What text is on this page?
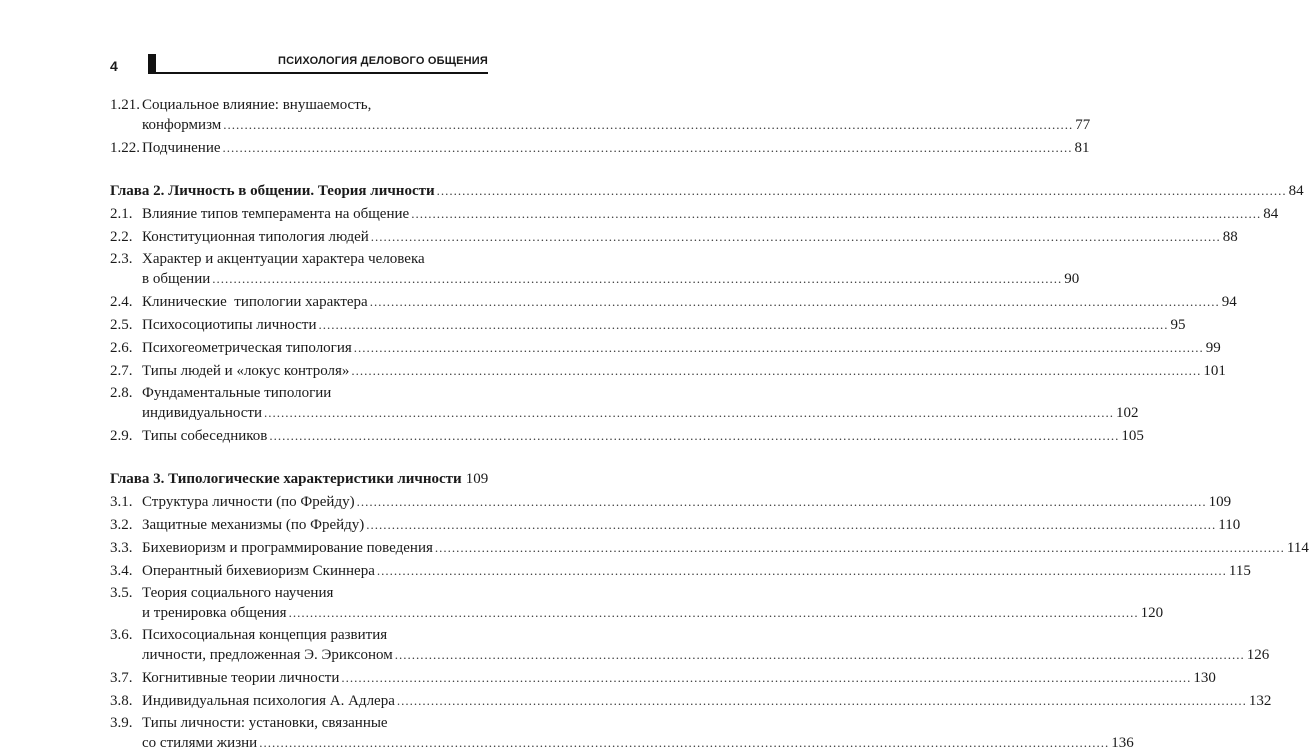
4	ПСИХОЛОГИЯ ДЕЛОВОГО ОБЩЕНИЯ
1.21. Социальное влияние: внушаемость,
конформизм ........................................................................................................................................................................................................ 77
1.22. Подчинение ........................................................................................................................................................................................................ 81
Глава 2. Личность в общении. Теория личности ........................................................................................................................................................................................................ 84
2.1. Влияние типов темперамента на общение ........................................................................................................................................................................................................ 84
2.2. Конституционная типология людей ........................................................................................................................................................................................................ 88
2.3. Характер и акцентуации характера человека
в общении ........................................................................................................................................................................................................ 90
2.4. Клинические  типологии характера ........................................................................................................................................................................................................ 94
2.5. Психосоциотипы личности ........................................................................................................................................................................................................ 95
2.6. Психогеометрическая типология ........................................................................................................................................................................................................ 99
2.7. Типы людей и «локус контроля» ........................................................................................................................................................................................................ 101
2.8. Фундаментальные типологии
индивидуальности ........................................................................................................................................................................................................ 102
2.9. Типы собеседников ........................................................................................................................................................................................................ 105
Глава 3. Типологические характеристики личности 109
3.1. Структура личности (по Фрейду) ........................................................................................................................................................................................................ 109
3.2. Защитные механизмы (по Фрейду) ........................................................................................................................................................................................................ 110
3.3. Бихевиоризм и программирование поведения ........................................................................................................................................................................................................ 114
3.4. Оперантный бихевиоризм Скиннера ........................................................................................................................................................................................................ 115
3.5. Теория социального научения
и тренировка общения ........................................................................................................................................................................................................ 120
3.6. Психосоциальная концепция развития
личности, предложенная Э. Эриксоном ........................................................................................................................................................................................................ 126
3.7. Когнитивные теории личности ........................................................................................................................................................................................................ 130
3.8. Индивидуальная психология А. Адлера ........................................................................................................................................................................................................ 132
3.9. Типы личности: установки, связанные
со стилями жизни ........................................................................................................................................................................................................ 136
